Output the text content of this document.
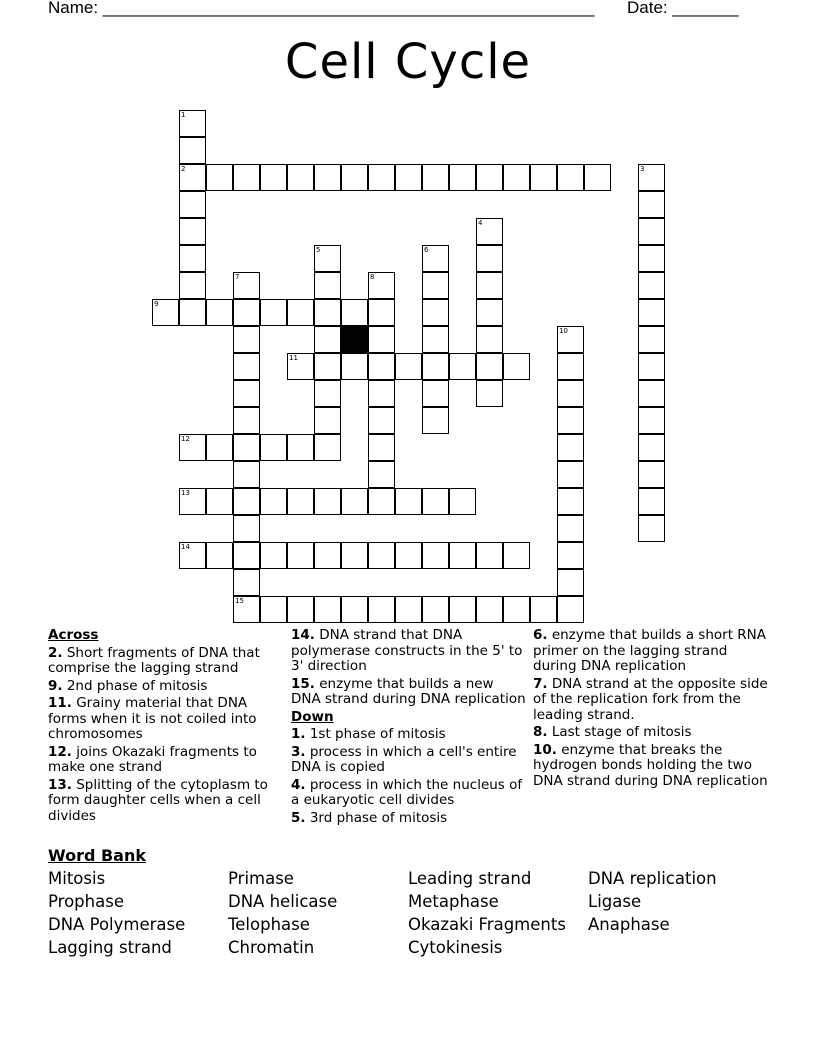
Name: ____________________________________________________ Date: _______
Cell Cycle
1
2	3
4
5	6
7
15
8
9
10
11
12
13
14
Across
2. Short fragments of DNA that comprise the lagging strand
9. 2nd phase of mitosis
11. Grainy material that DNA forms when it is not coiled into chromosomes
12. joins Okazaki fragments to make one strand
13. Splitting of the cytoplasm to form daughter cells when a cell divides
14. DNA strand that DNA polymerase constructs in the 5' to 3' direction
15. enzyme that builds a new DNA strand during DNA replication
Down
1. 1st phase of mitosis
3. process in which a cell's entire DNA is copied
4. process in which the nucleus of a eukaryotic cell divides
5. 3rd phase of mitosis
6. enzyme that builds a short RNA primer on the lagging strand during DNA replication
7. DNA strand at the opposite side of the replication fork from the leading strand.
8. Last stage of mitosis
10. enzyme that breaks the hydrogen bonds holding the two DNA strand during DNA replication
Word Bank
Mitosis	Primase	Leading strand	DNA replication
Prophase	DNA helicase	Metaphase	Ligase
DNA Polymerase	Telophase	Okazaki Fragments	Anaphase
Lagging strand	Chromatin	Cytokinesis
